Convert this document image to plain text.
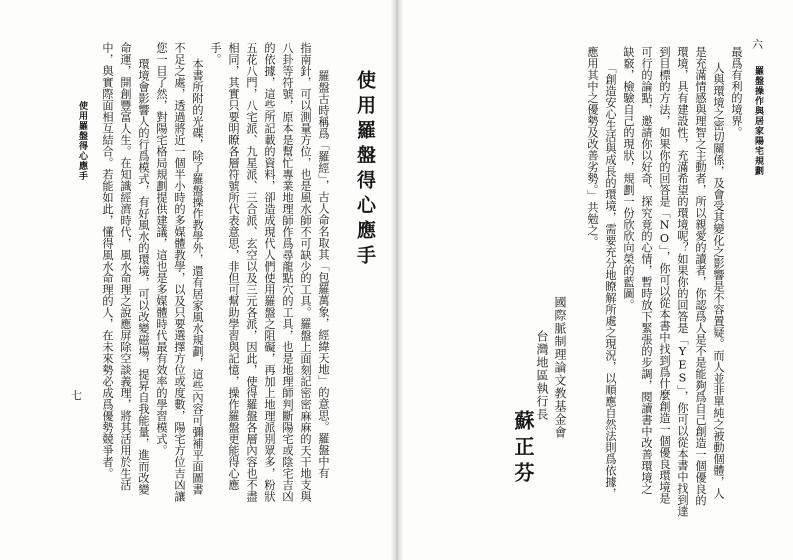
使用羅盤得心應手
七
使用羅盤得心應手
羅盤古時稱爲「羅經」，古人命名取其「包羅萬象，經緯天地」的意思。羅盤中有
指南針，可以測量方位，也是風水師不可缺少的工具。羅盤上面刻記密密麻麻的天干地支與
八卦等符號，原本是幫忙專業地理師作爲尋龍點穴的工具，也是地理師判斷陽宅或陰宅吉凶
的依據，這些所記載的資料，卻造成現代人們使用羅盤之阻礙，再加上地理派別眾多，粉狀
五花八門，八宅派、九星派、三合派、玄空以及三元各派，因此，使得羅盤各層內容也不盡
相同，其實只要明瞭各層符號所代表意思，非但可幫助學習與記憶，操作羅盤更能得心應
手。
本書所附的光碟，除了羅盤操作教學外，還有居家風水規劃，這些內容可彌補平面圖書
不足之處，透過將近一個半小時的多媒體教學，以及只要選擇方位或度數，陽宅方位吉凶讓
您一目了然，對陽宅格局規劃提供建議，這也是多媒體時代最有效率的學習模式。
環境會影響人的行爲模式，有好風水的環境，可以改變磁場，提昇自我能量，進而改變
命運，開創豐富人生。在知識經濟時代，風水命理之說應屏除空談義理，將其活用於生活
中，與實際面相互結合。若能如此，懂得風水命理的人，在未來勢必成爲優勢競爭者。	羅盤操作與居家陽宅規劃
六
最爲有利的境界。
人與環境之密切關係，及會受其變化之影響是不容置疑。而人並非單純之被動個體，人
是充滿情感與理智之主動者，所以親愛的讀者，你認爲人是不是能夠爲自己創造一個優良的
環境，具有建設性，充滿希望的環境呢？如果你的回答是「YES」，你可以從本書中找到達
到目標的方法，如果你的回答是「NO」，你可以從本書中找到爲什麼創造一個優良環境是
可行的論點，邀請你以好奇、探究竟的心情，暫時放下緊張的步調，閱讀書中改善環境之
缺竅，檢驗自己的現狀，規劃一份欣欣向榮的藍圖。
「創造安心生活與成長的環境，需要充分地瞭解所處之現況，以順應自然法則爲依據，
應用其中之優勢及改善劣勢。」共勉之。
國際脈制理論文教基金會
台灣地區執行長
蘇正芬
